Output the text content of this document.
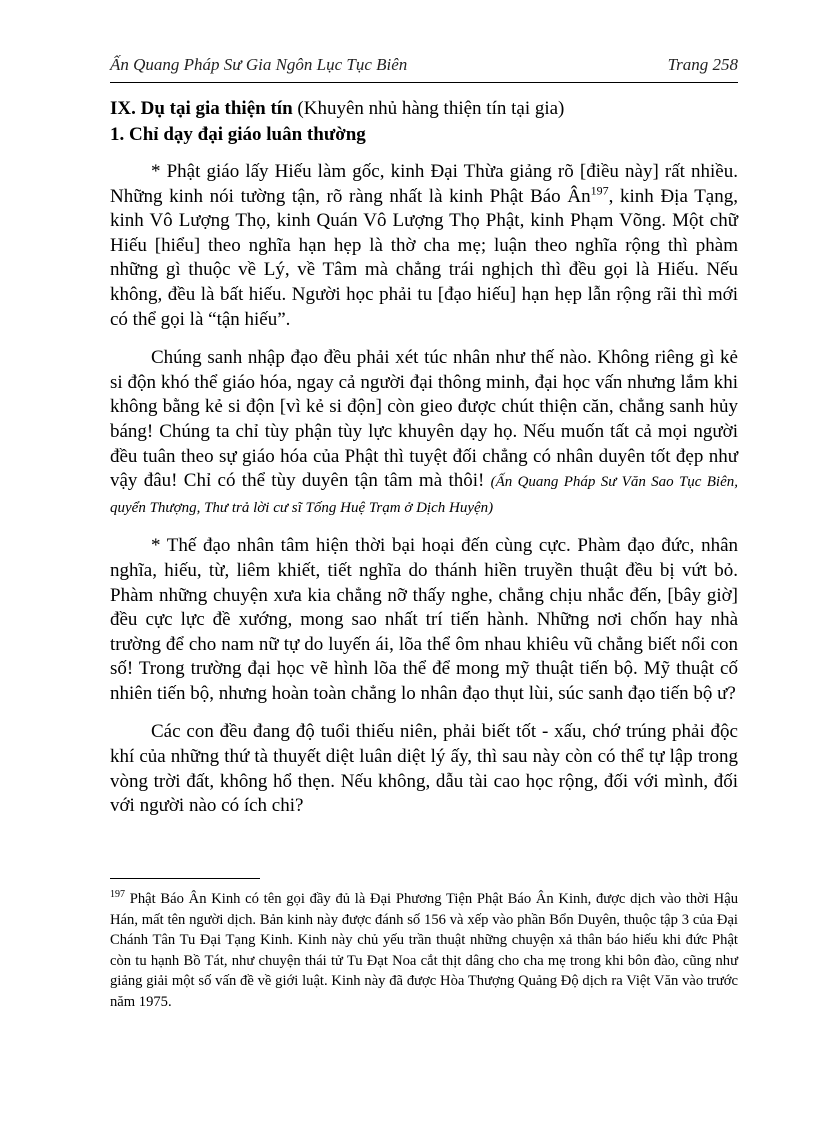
Ấn Quang Pháp Sư Gia Ngôn Lục Tục Biên	Trang 258

IX. Dụ tại gia thiện tín (Khuyên nhủ hàng thiện tín tại gia)

1. Chỉ dạy đại giáo luân thường

* Phật giáo lấy Hiếu làm gốc, kinh Đại Thừa giảng rõ [điều này] rất nhiều. Những kinh nói tường tận, rõ ràng nhất là kinh Phật Báo $Ân^{197}$, kinh Địa Tạng, kinh Vô Lượng Thọ, kinh Quán Vô Lượng Thọ Phật, kinh Phạm Võng. Một chữ Hiếu [hiểu] theo nghĩa hạn hẹp là thờ cha mẹ; luận theo nghĩa rộng thì phàm những gì thuộc về Lý, về Tâm mà chẳng trái nghịch thì đều gọi là Hiếu. Nếu không, đều là bất hiếu. Người học phải tu [đạo hiếu] hạn hẹp lẫn rộng rãi thì mới có thể gọi là “tận hiếu”.

Chúng sanh nhập đạo đều phải xét túc nhân như thế nào. Không riêng gì kẻ si độn khó thể giáo hóa, ngay cả người đại thông minh, đại học vấn nhưng lắm khi không bằng kẻ si độn [vì kẻ si độn] còn gieo được chút thiện căn, chẳng sanh hủy báng! Chúng ta chỉ tùy phận tùy lực khuyên dạy họ. Nếu muốn tất cả mọi người đều tuân theo sự giáo hóa của Phật thì tuyệt đối chẳng có nhân duyên tốt đẹp như vậy đâu! Chỉ có thể tùy duyên tận tâm mà thôi! (Ấn Quang Pháp Sư Văn Sao Tục Biên, quyển Thượng, Thư trả lời cư sĩ Tống Huệ Trạm ở Dịch Huyện)

* Thế đạo nhân tâm hiện thời bại hoại đến cùng cực. Phàm đạo đức, nhân nghĩa, hiếu, từ, liêm khiết, tiết nghĩa do thánh hiền truyền thuật đều bị vứt bỏ. Phàm những chuyện xưa kia chẳng nỡ thấy nghe, chẳng chịu nhắc đến, [bây giờ] đều cực lực đề xướng, mong sao nhất trí tiến hành. Những nơi chốn hay nhà trường để cho nam nữ tự do luyến ái, lõa thể ôm nhau khiêu vũ chẳng biết nổi con số! Trong trường đại học vẽ hình lõa thể để mong mỹ thuật tiến bộ. Mỹ thuật cố nhiên tiến bộ, nhưng hoàn toàn chẳng lo nhân đạo thụt lùi, súc sanh đạo tiến bộ ư?

Các con đều đang độ tuổi thiếu niên, phải biết tốt - xấu, chớ trúng phải độc khí của những thứ tà thuyết diệt luân diệt lý ấy, thì sau này còn có thể tự lập trong vòng trời đất, không hổ thẹn. Nếu không, dẫu tài cao học rộng, đối với mình, đối với người nào có ích chi?

$^{197}$ Phật Báo Ân Kinh có tên gọi đầy đủ là Đại Phương Tiện Phật Báo Ân Kinh, được dịch vào thời Hậu Hán, mất tên người dịch. Bản kinh này được đánh số 156 và xếp vào phần Bổn Duyên, thuộc tập 3 của Đại Chánh Tân Tu Đại Tạng Kinh. Kinh này chủ yếu trần thuật những chuyện xả thân báo hiếu khi đức Phật còn tu hạnh Bồ Tát, như chuyện thái tử Tu Đạt Noa cắt thịt dâng cho cha mẹ trong khi bôn đào, cũng như giảng giải một số vấn đề về giới luật. Kinh này đã được Hòa Thượng Quảng Độ dịch ra Việt Văn vào trước năm 1975.
